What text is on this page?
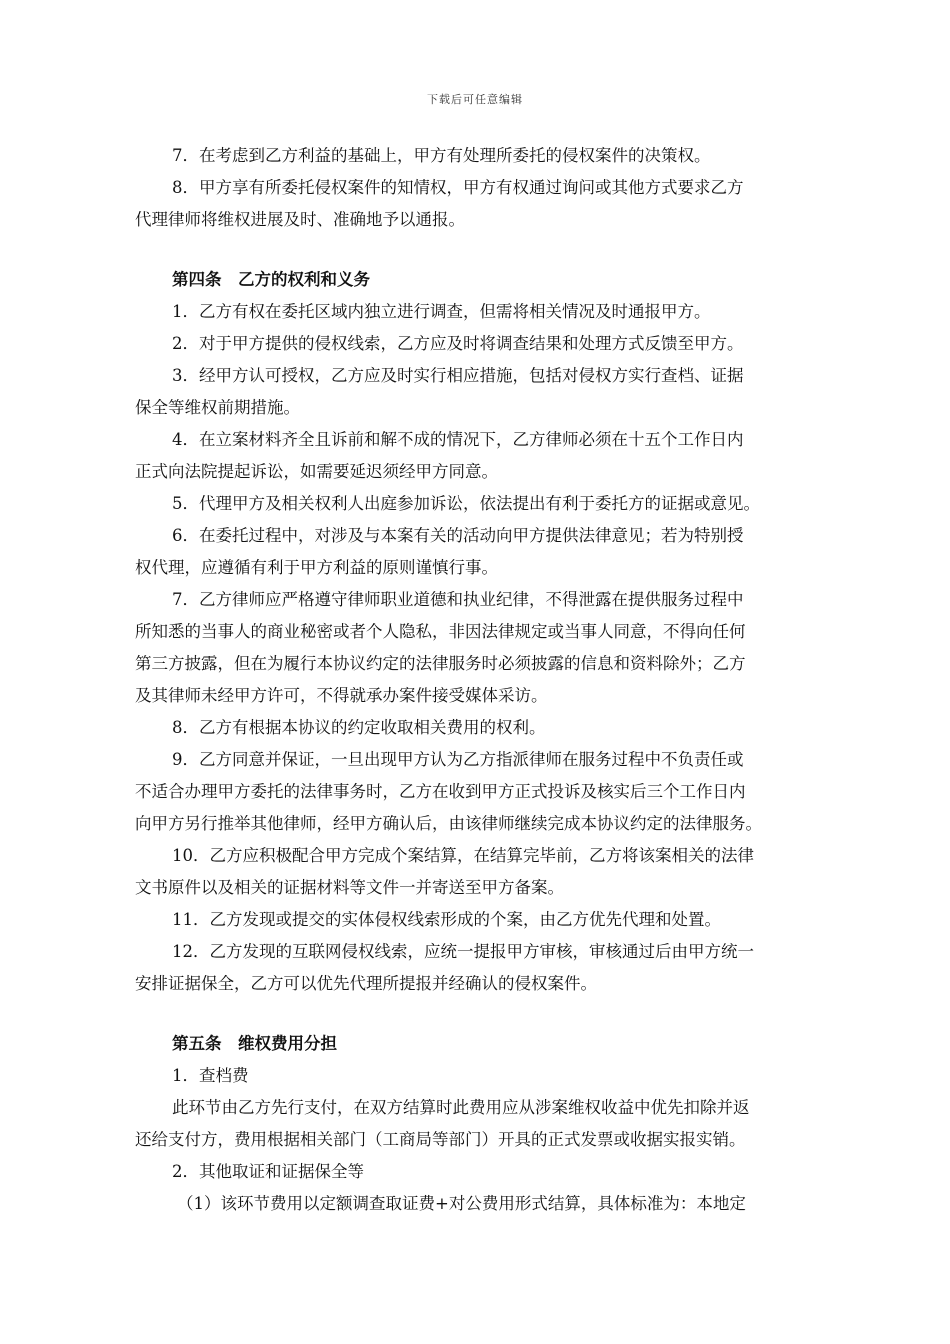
下载后可任意编辑

7．在考虑到乙方利益的基础上，甲方有处理所委托的侵权案件的决策权。

8．甲方享有所委托侵权案件的知情权，甲方有权通过询问或其他方式要求乙方
代理律师将维权进展及时、准确地予以通报。

第四条　乙方的权利和义务

1．乙方有权在委托区域内独立进行调查，但需将相关情况及时通报甲方。

2．对于甲方提供的侵权线索，乙方应及时将调查结果和处理方式反馈至甲方。

3．经甲方认可授权，乙方应及时实行相应措施，包括对侵权方实行查档、证据
保全等维权前期措施。

4．在立案材料齐全且诉前和解不成的情况下，乙方律师必须在十五个工作日内
正式向法院提起诉讼，如需要延迟须经甲方同意。

5．代理甲方及相关权利人出庭参加诉讼，依法提出有利于委托方的证据或意见。

6．在委托过程中，对涉及与本案有关的活动向甲方提供法律意见；若为特别授
权代理，应遵循有利于甲方利益的原则谨慎行事。

7．乙方律师应严格遵守律师职业道德和执业纪律，不得泄露在提供服务过程中
所知悉的当事人的商业秘密或者个人隐私，非因法律规定或当事人同意，不得向任何
第三方披露，但在为履行本协议约定的法律服务时必须披露的信息和资料除外；乙方
及其律师未经甲方许可，不得就承办案件接受媒体采访。

8．乙方有根据本协议的约定收取相关费用的权利。

9．乙方同意并保证，一旦出现甲方认为乙方指派律师在服务过程中不负责任或
不适合办理甲方委托的法律事务时，乙方在收到甲方正式投诉及核实后三个工作日内
向甲方另行推举其他律师，经甲方确认后，由该律师继续完成本协议约定的法律服务。

10．乙方应积极配合甲方完成个案结算，在结算完毕前，乙方将该案相关的法律
文书原件以及相关的证据材料等文件一并寄送至甲方备案。

11．乙方发现或提交的实体侵权线索形成的个案，由乙方优先代理和处置。

12．乙方发现的互联网侵权线索，应统一提报甲方审核，审核通过后由甲方统一
安排证据保全，乙方可以优先代理所提报并经确认的侵权案件。

第五条　维权费用分担

1．查档费

此环节由乙方先行支付，在双方结算时此费用应从涉案维权收益中优先扣除并返
还给支付方，费用根据相关部门（工商局等部门）开具的正式发票或收据实报实销。

2．其他取证和证据保全等

（1）该环节费用以定额调查取证费+对公费用形式结算，具体标准为：本地定
